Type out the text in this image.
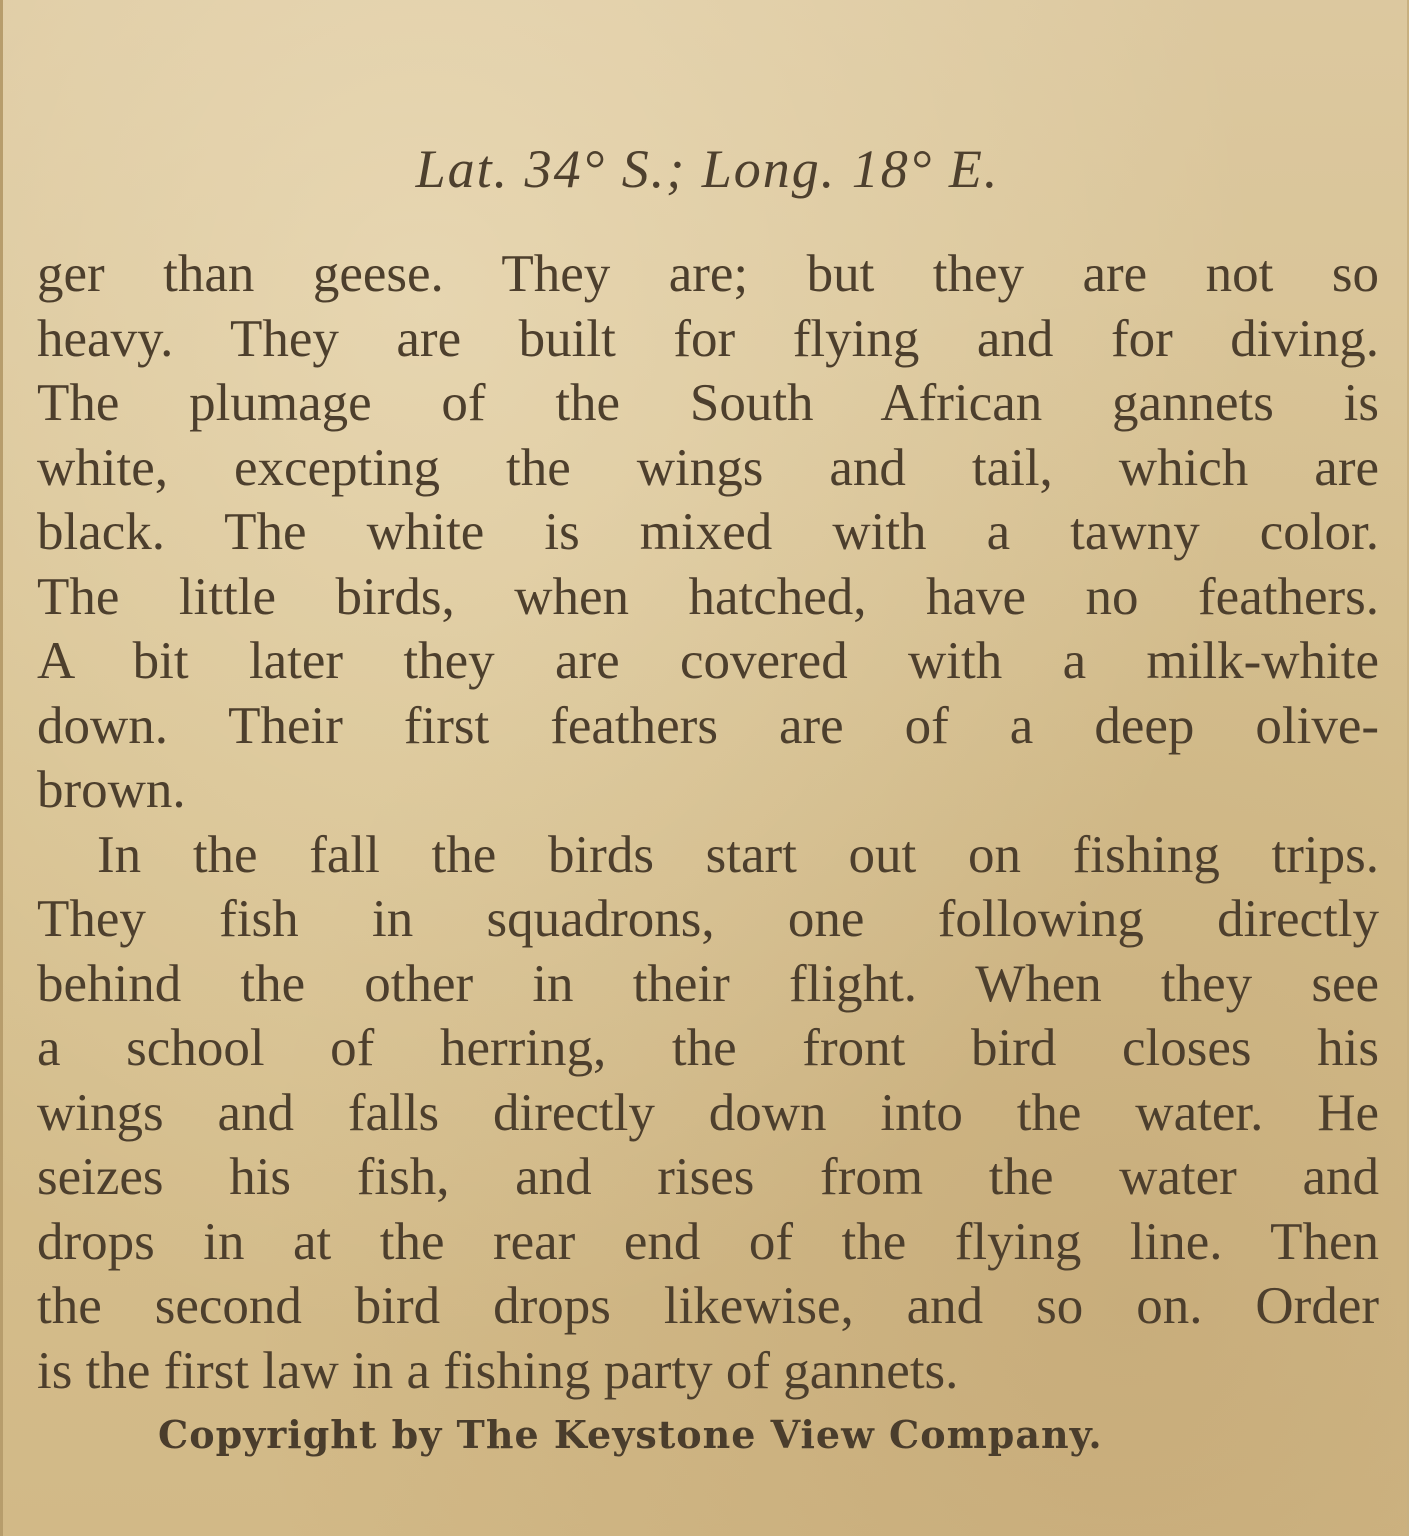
Lat. 34° S.; Long. 18° E.
ger than geese. They are; but they are not so
heavy. They are built for flying and for diving.
The plumage of the South African gannets is
white, excepting the wings and tail, which are
black. The white is mixed with a tawny color.
The little birds, when hatched, have no feathers.
A bit later they are covered with a milk-white
down. Their first feathers are of a deep olive-
brown.
In the fall the birds start out on fishing trips.
They fish in squadrons, one following directly
behind the other in their flight. When they see
a school of herring, the front bird closes his
wings and falls directly down into the water. He
seizes his fish, and rises from the water and
drops in at the rear end of the flying line. Then
the second bird drops likewise, and so on. Order
is the first law in a fishing party of gannets.
Copyright by The Keystone View Company.
